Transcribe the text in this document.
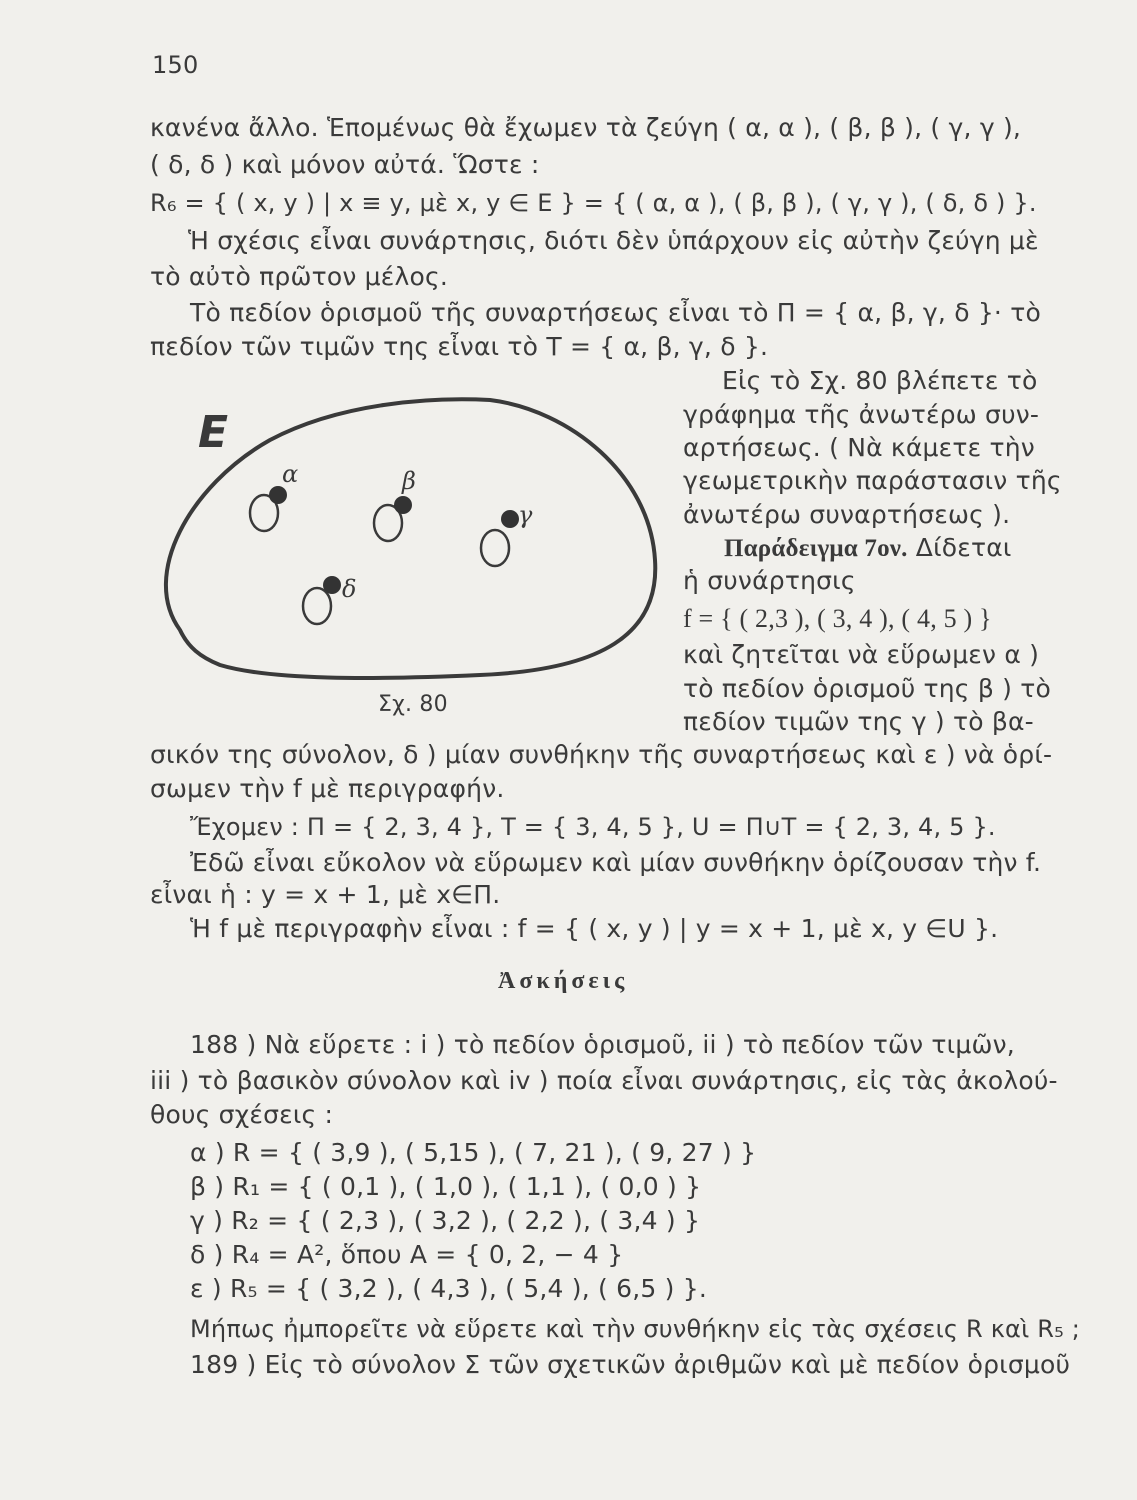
150
κανένα ἄλλο. Ἑπομένως θὰ ἔχωμεν τὰ ζεύγη ( α, α ), ( β, β ), ( γ, γ ),
( δ, δ ) καὶ μόνον αὐτά. Ὥστε :
R₆ = { ( x, y ) | x ≡ y, μὲ x, y ∈ E } = { ( α, α ), ( β, β ), ( γ, γ ), ( δ, δ ) }.
Ἡ σχέσις εἶναι συνάρτησις, διότι δὲν ὑπάρχουν εἰς αὐτὴν ζεύγη μὲ
τὸ αὐτὸ πρῶτον μέλος.
Τὸ πεδίον ὁρισμοῦ τῆς συναρτήσεως εἶναι τὸ Π = { α, β, γ, δ }· τὸ
πεδίον τῶν τιμῶν της εἶναι τὸ Τ = { α, β, γ, δ }.
E
α	β
γ
δ
Σχ. 80
Εἰς τὸ Σχ. 80 βλέπετε τὸ
γράφημα τῆς ἀνωτέρω συν-
αρτήσεως. ( Νὰ κάμετε τὴν
γεωμετρικὴν παράστασιν τῆς
ἀνωτέρω συναρτήσεως ).
Παράδειγμα 7ον. Δίδεται
ἡ συνάρτησις
f = { ( 2,3 ), ( 3, 4 ), ( 4, 5 ) }
καὶ ζητεῖται νὰ εὕρωμεν α )
τὸ πεδίον ὁρισμοῦ της β ) τὸ
πεδίον τιμῶν της γ ) τὸ βα-
σικόν της σύνολον, δ ) μίαν συνθήκην τῆς συναρτήσεως καὶ ε ) νὰ ὁρί-
σωμεν τὴν f μὲ περιγραφήν.
Ἔχομεν : Π = { 2, 3, 4 }, Τ = { 3, 4, 5 }, U = Π∪Τ = { 2, 3, 4, 5 }.
Ἐδῶ εἶναι εὔκολον νὰ εὕρωμεν καὶ μίαν συνθήκην ὁρίζουσαν τὴν f.
εἶναι ἡ : y = x + 1, μὲ x∈Π.
Ἡ f μὲ περιγραφὴν εἶναι : f = { ( x, y ) | y = x + 1, μὲ x, y ∈U }.
Ἀσκήσεις
188 ) Νὰ εὕρετε : i ) τὸ πεδίον ὁρισμοῦ, ii ) τὸ πεδίον τῶν τιμῶν,
iii ) τὸ βασικὸν σύνολον καὶ iv ) ποία εἶναι συνάρτησις, εἰς τὰς ἀκολού-
θους σχέσεις :
α ) R = { ( 3,9 ), ( 5,15 ), ( 7, 21 ), ( 9, 27 ) }
β ) R₁ = { ( 0,1 ), ( 1,0 ), ( 1,1 ), ( 0,0 ) }
γ ) R₂ = { ( 2,3 ), ( 3,2 ), ( 2,2 ), ( 3,4 ) }
δ ) R₄ = A², ὅπου A = { 0, 2, − 4 }
ε ) R₅ = { ( 3,2 ), ( 4,3 ), ( 5,4 ), ( 6,5 ) }.
Μήπως ἠμπορεῖτε νὰ εὕρετε καὶ τὴν συνθήκην εἰς τὰς σχέσεις R καὶ R₅ ;
189 ) Εἰς τὸ σύνολον Σ τῶν σχετικῶν ἀριθμῶν καὶ μὲ πεδίον ὁρισμοῦ
